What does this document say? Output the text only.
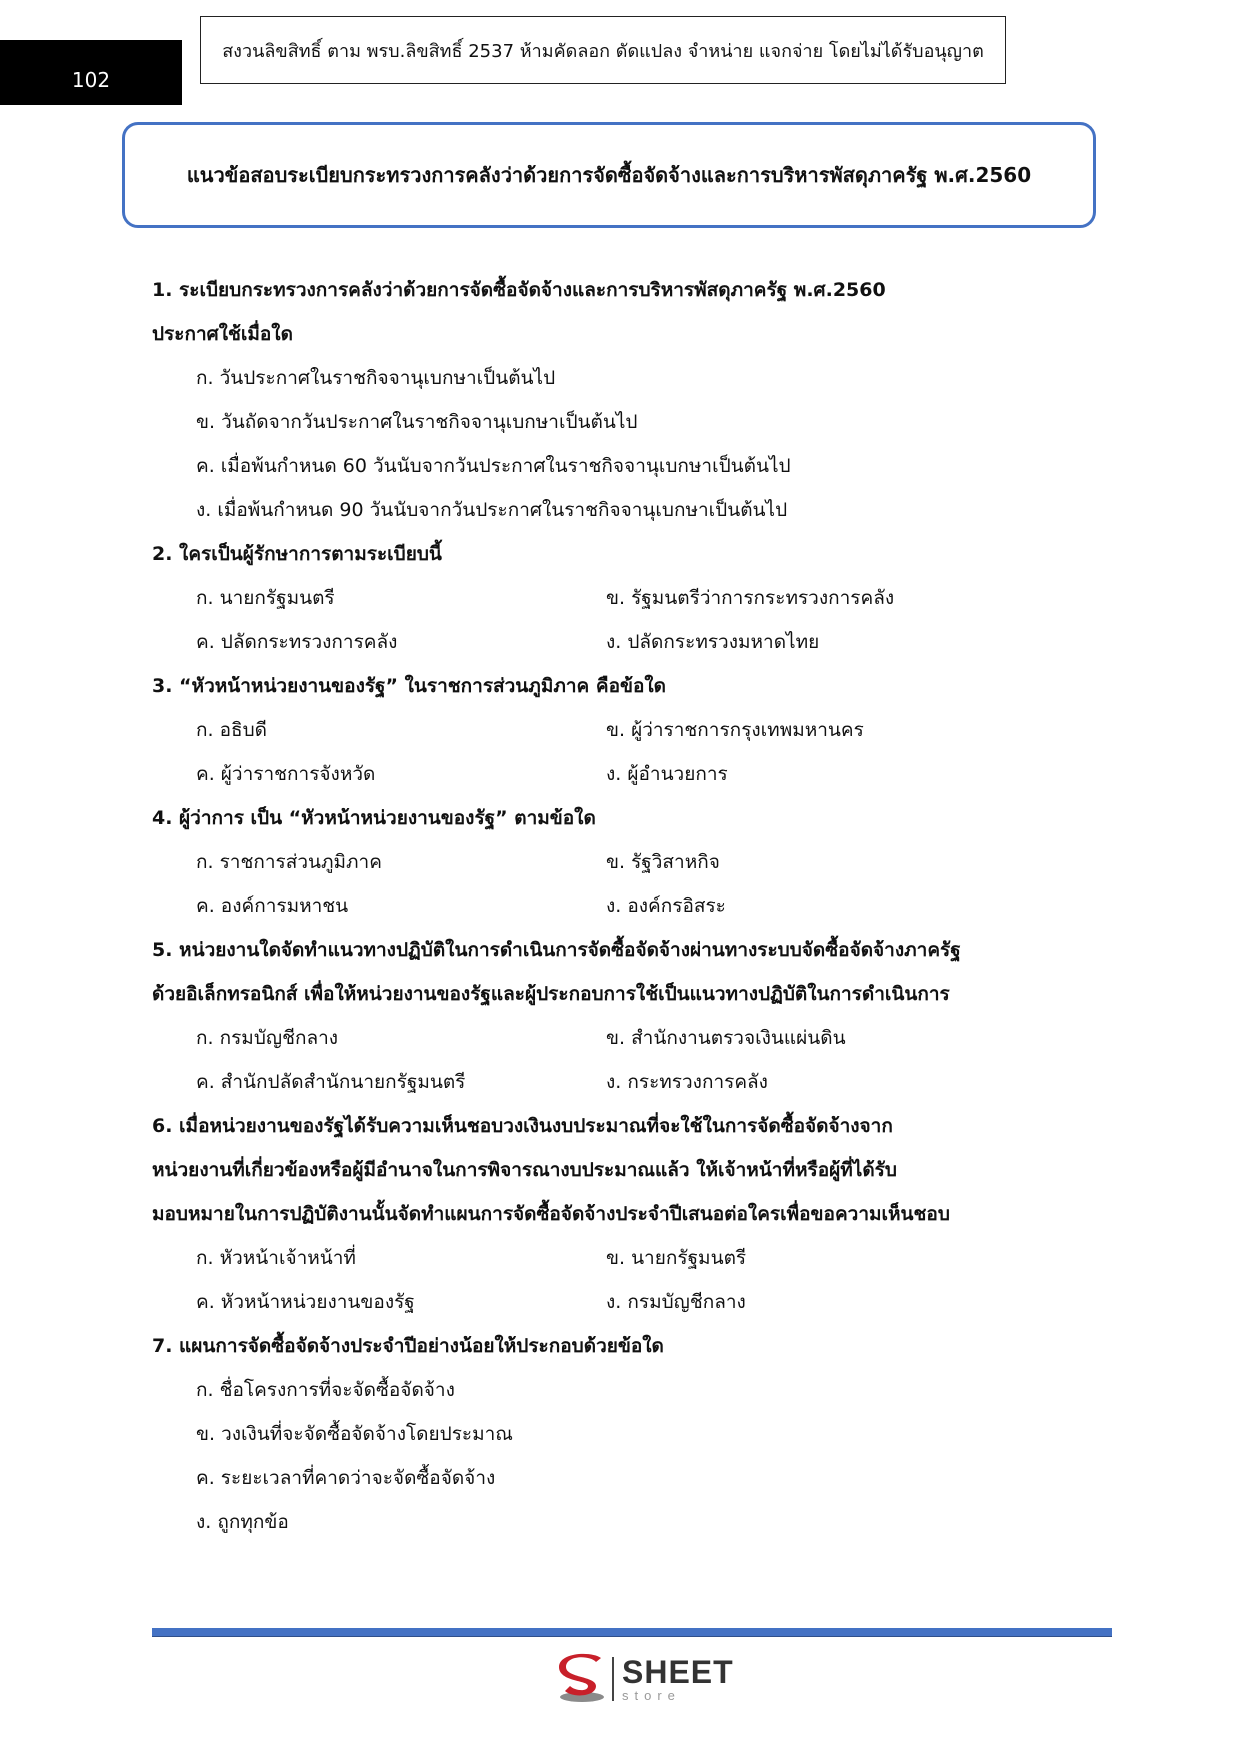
102
สงวนลิขสิทธิ์ ตาม พรบ.ลิขสิทธิ์ 2537 ห้ามคัดลอก ดัดแปลง จำหน่าย แจกจ่าย โดยไม่ได้รับอนุญาต
แนวข้อสอบระเบียบกระทรวงการคลังว่าด้วยการจัดซื้อจัดจ้างและการบริหารพัสดุภาครัฐ พ.ศ.2560
1. ระเบียบกระทรวงการคลังว่าด้วยการจัดซื้อจัดจ้างและการบริหารพัสดุภาครัฐ พ.ศ.2560
ประกาศใช้เมื่อใด
ก. วันประกาศในราชกิจจานุเบกษาเป็นต้นไป
ข. วันถัดจากวันประกาศในราชกิจจานุเบกษาเป็นต้นไป
ค. เมื่อพ้นกำหนด 60 วันนับจากวันประกาศในราชกิจจานุเบกษาเป็นต้นไป
ง. เมื่อพ้นกำหนด 90 วันนับจากวันประกาศในราชกิจจานุเบกษาเป็นต้นไป
2. ใครเป็นผู้รักษาการตามระเบียบนี้
ก. นายกรัฐมนตรี	ข. รัฐมนตรีว่าการกระทรวงการคลัง
ค. ปลัดกระทรวงการคลัง	ง. ปลัดกระทรวงมหาดไทย
3. “หัวหน้าหน่วยงานของรัฐ” ในราชการส่วนภูมิภาค คือข้อใด
ก. อธิบดี	ข. ผู้ว่าราชการกรุงเทพมหานคร
ค. ผู้ว่าราชการจังหวัด	ง. ผู้อำนวยการ
4. ผู้ว่าการ เป็น “หัวหน้าหน่วยงานของรัฐ” ตามข้อใด
ก. ราชการส่วนภูมิภาค	ข. รัฐวิสาหกิจ
ค. องค์การมหาชน	ง. องค์กรอิสระ
5. หน่วยงานใดจัดทำแนวทางปฏิบัติในการดำเนินการจัดซื้อจัดจ้างผ่านทางระบบจัดซื้อจัดจ้างภาครัฐ
ด้วยอิเล็กทรอนิกส์ เพื่อให้หน่วยงานของรัฐและผู้ประกอบการใช้เป็นแนวทางปฏิบัติในการดำเนินการ
ก. กรมบัญชีกลาง	ข. สำนักงานตรวจเงินแผ่นดิน
ค. สำนักปลัดสำนักนายกรัฐมนตรี	ง. กระทรวงการคลัง
6. เมื่อหน่วยงานของรัฐได้รับความเห็นชอบวงเงินงบประมาณที่จะใช้ในการจัดซื้อจัดจ้างจาก
หน่วยงานที่เกี่ยวข้องหรือผู้มีอำนาจในการพิจารณางบประมาณแล้ว ให้เจ้าหน้าที่หรือผู้ที่ได้รับ
มอบหมายในการปฏิบัติงานนั้นจัดทำแผนการจัดซื้อจัดจ้างประจำปีเสนอต่อใครเพื่อขอความเห็นชอบ
ก. หัวหน้าเจ้าหน้าที่	ข. นายกรัฐมนตรี
ค. หัวหน้าหน่วยงานของรัฐ	ง. กรมบัญชีกลาง
7. แผนการจัดซื้อจัดจ้างประจำปีอย่างน้อยให้ประกอบด้วยข้อใด
ก. ชื่อโครงการที่จะจัดซื้อจัดจ้าง
ข. วงเงินที่จะจัดซื้อจัดจ้างโดยประมาณ
ค. ระยะเวลาที่คาดว่าจะจัดซื้อจัดจ้าง
ง. ถูกทุกข้อ
SHEET
store
